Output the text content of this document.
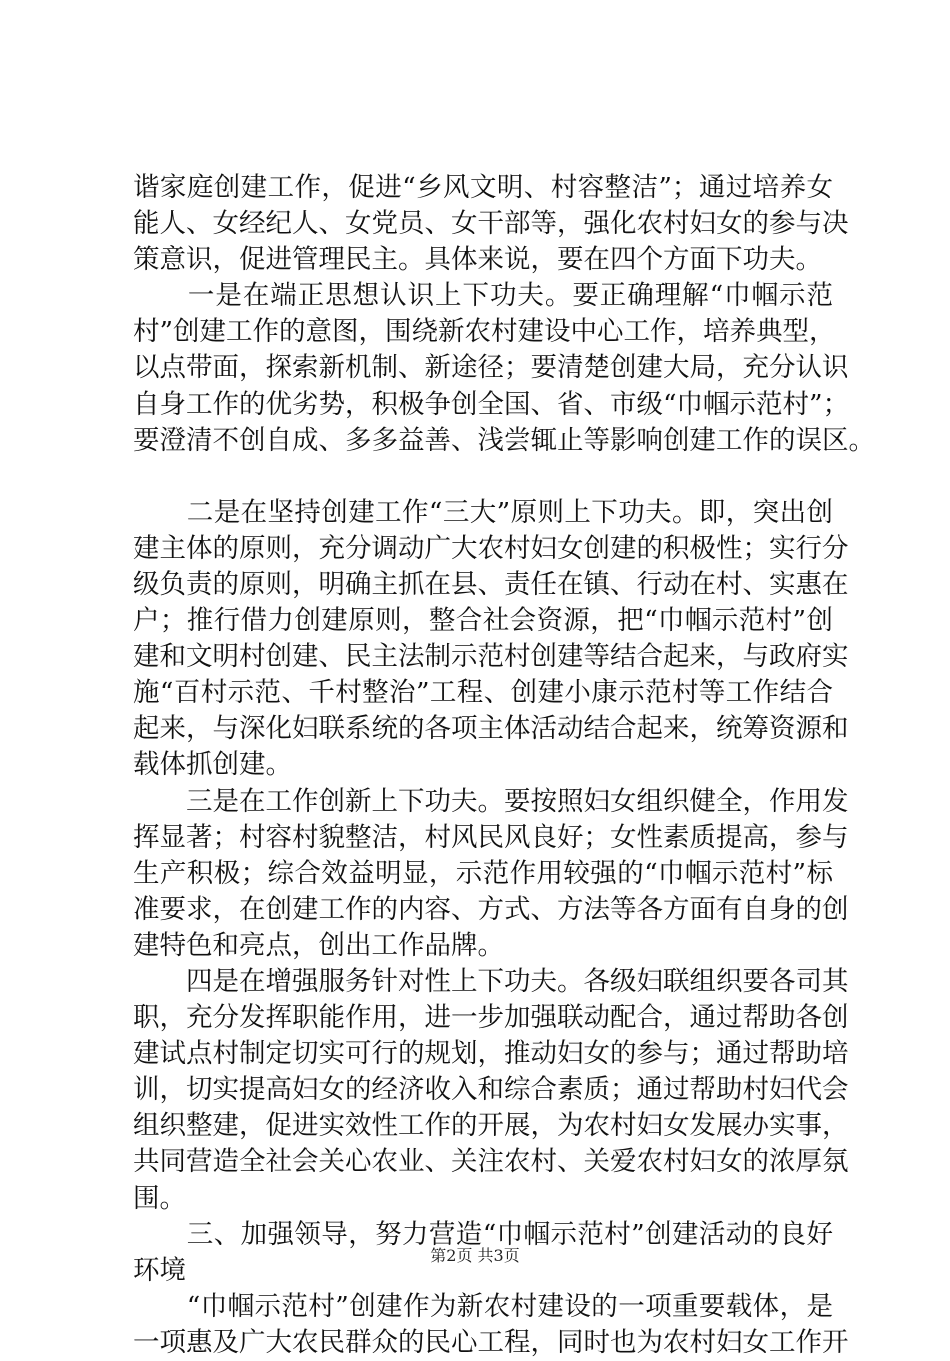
谐家庭创建工作，促进“乡风文明、村容整洁”；通过培养女
能人、女经纪人、女党员、女干部等，强化农村妇女的参与决
策意识，促进管理民主。具体来说，要在四个方面下功夫。
　　一是在端正思想认识上下功夫。要正确理解“巾帼示范
村”创建工作的意图，围绕新农村建设中心工作，培养典型，
以点带面，探索新机制、新途径；要清楚创建大局，充分认识
自身工作的优劣势，积极争创全国、省、市级“巾帼示范村”；
要澄清不创自成、多多益善、浅尝辄止等影响创建工作的误区。
　　二是在坚持创建工作“三大”原则上下功夫。即，突出创
建主体的原则，充分调动广大农村妇女创建的积极性；实行分
级负责的原则，明确主抓在县、责任在镇、行动在村、实惠在
户；推行借力创建原则，整合社会资源，把“巾帼示范村”创
建和文明村创建、民主法制示范村创建等结合起来，与政府实
施“百村示范、千村整治”工程、创建小康示范村等工作结合
起来，与深化妇联系统的各项主体活动结合起来，统筹资源和
载体抓创建。
　　三是在工作创新上下功夫。要按照妇女组织健全，作用发
挥显著；村容村貌整洁，村风民风良好；女性素质提高，参与
生产积极；综合效益明显，示范作用较强的“巾帼示范村”标
准要求，在创建工作的内容、方式、方法等各方面有自身的创
建特色和亮点，创出工作品牌。
　　四是在增强服务针对性上下功夫。各级妇联组织要各司其
职，充分发挥职能作用，进一步加强联动配合，通过帮助各创
建试点村制定切实可行的规划，推动妇女的参与；通过帮助培
训，切实提高妇女的经济收入和综合素质；通过帮助村妇代会
组织整建，促进实效性工作的开展，为农村妇女发展办实事，
共同营造全社会关心农业、关注农村、关爱农村妇女的浓厚氛
围。
　　三、加强领导，努力营造“巾帼示范村”创建活动的良好
环境
　　“巾帼示范村”创建作为新农村建设的一项重要载体，是
一项惠及广大农民群众的民心工程，同时也为农村妇女工作开
第2页 共3页
